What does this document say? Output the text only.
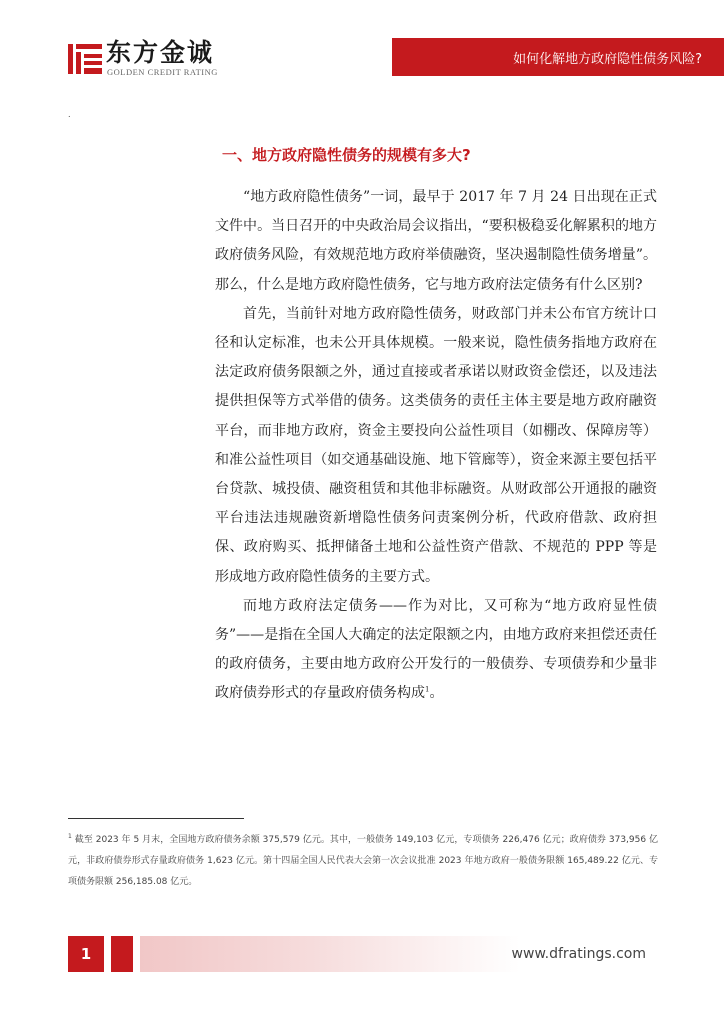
东方金诚
GOLDEN CREDIT RATING
如何化解地方政府隐性债务风险?
.
一、地方政府隐性债务的规模有多大?

“地方政府隐性债务”一词，最早于 2017 年 7 月 24 日出现在正式文件中。当日召开的中央政治局会议指出，“要积极稳妥化解累积的地方政府债务风险，有效规范地方政府举债融资，坚决遏制隐性债务增量”。那么，什么是地方政府隐性债务，它与地方政府法定债务有什么区别?

首先，当前针对地方政府隐性债务，财政部门并未公布官方统计口径和认定标准，也未公开具体规模。一般来说，隐性债务指地方政府在法定政府债务限额之外，通过直接或者承诺以财政资金偿还，以及违法提供担保等方式举借的债务。这类债务的责任主体主要是地方政府融资平台，而非地方政府，资金主要投向公益性项目（如棚改、保障房等）和准公益性项目（如交通基础设施、地下管廊等），资金来源主要包括平台贷款、城投债、融资租赁和其他非标融资。从财政部公开通报的融资平台违法违规融资新增隐性债务问责案例分析，代政府借款、政府担保、政府购买、抵押储备土地和公益性资产借款、不规范的 PPP 等是形成地方政府隐性债务的主要方式。

而地方政府法定债务——作为对比，又可称为“地方政府显性债务”——是指在全国人大确定的法定限额之内，由地方政府来担偿还责任的政府债务，主要由地方政府公开发行的一般债券、专项债券和少量非政府债券形式的存量政府债务构成$^1$。

$^1$ 截至 2023 年 5 月末，全国地方政府债务余额 375,579 亿元。其中，一般债务 149,103 亿元，专项债务 226,476 亿元；政府债券 373,956 亿元，非政府债券形式存量政府债务 1,623 亿元。第十四届全国人民代表大会第一次会议批准 2023 年地方政府一般债务限额 165,489.22 亿元、专项债务限额 256,185.08 亿元。
1	www.dfratings.com
